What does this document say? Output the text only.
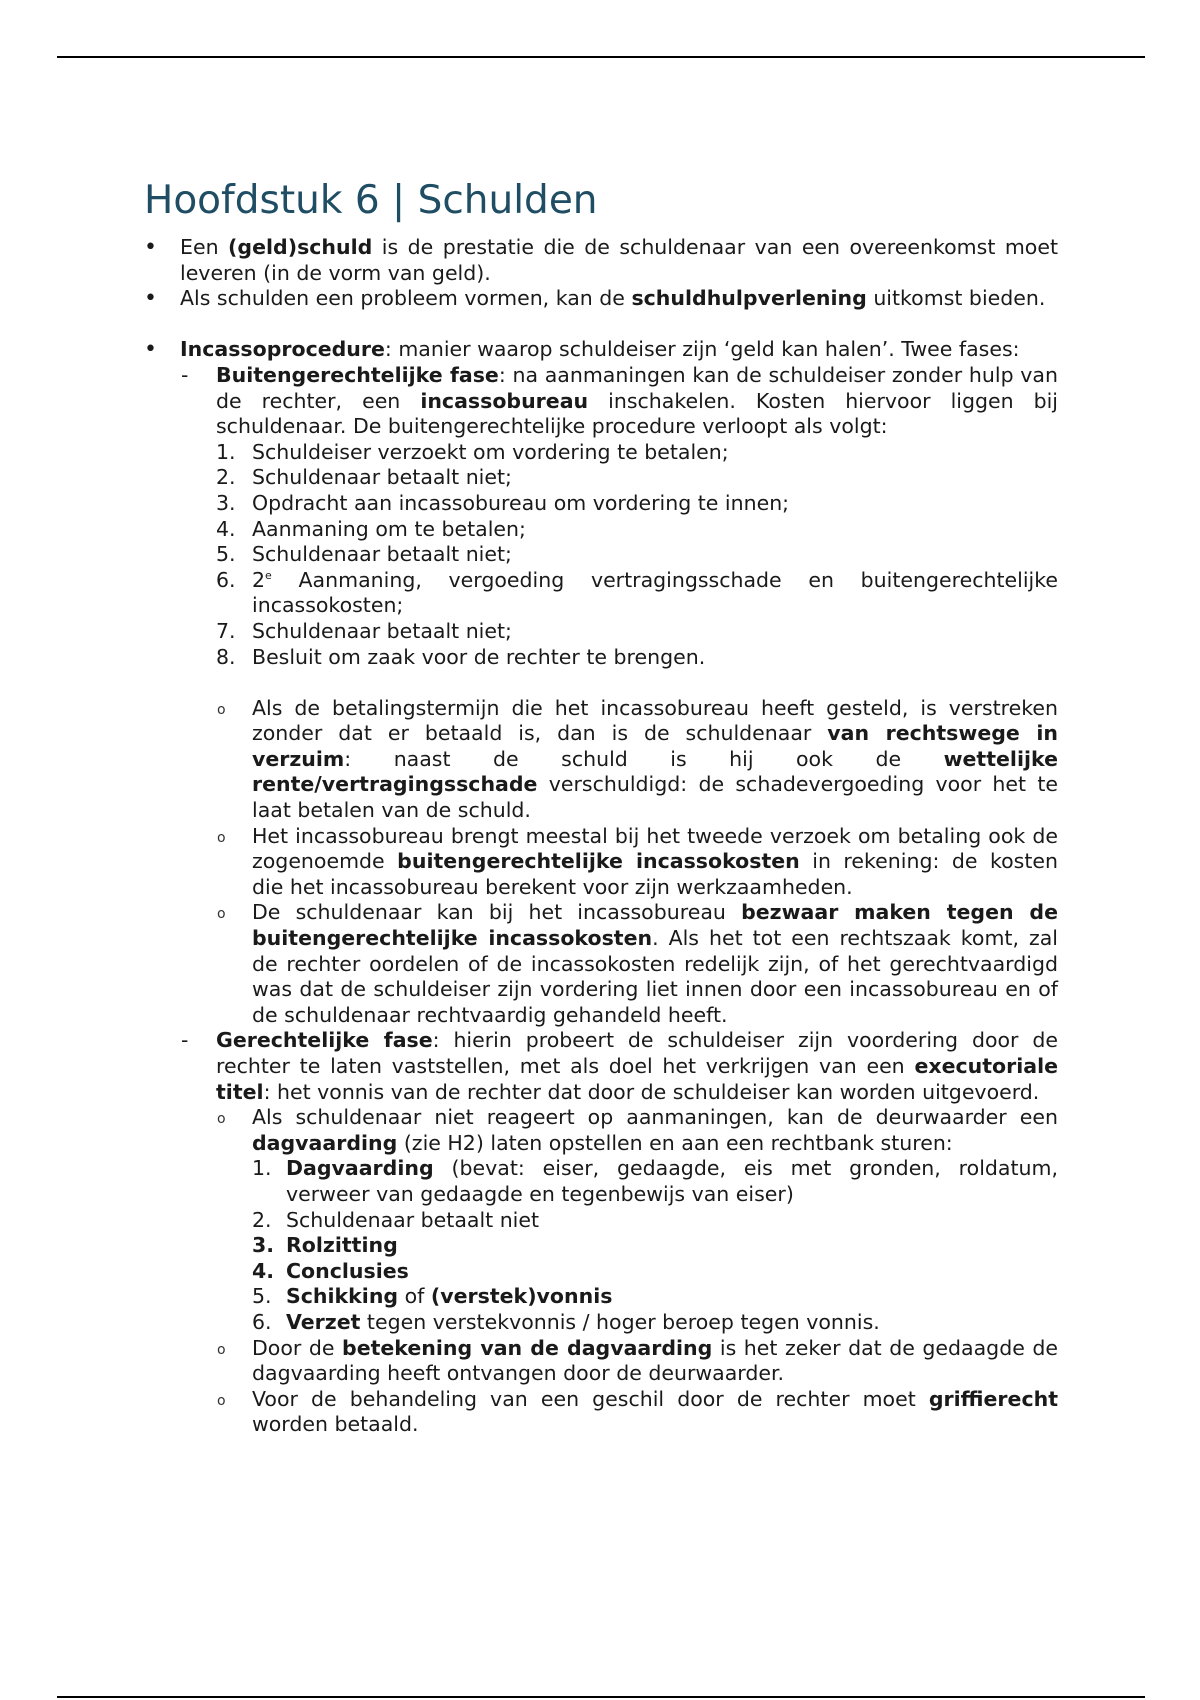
Hoofdstuk 6 | Schulden
• Een (geld)schuld is de prestatie die de schuldenaar van een overeenkomst moet leveren (in de vorm van geld).
• Als schulden een probleem vormen, kan de schuldhulpverlening uitkomst bieden.
• Incassoprocedure: manier waarop schuldeiser zijn ‘geld kan halen’. Twee fases:
- Buitengerechtelijke fase: na aanmaningen kan de schuldeiser zonder hulp van de rechter, een incassobureau inschakelen. Kosten hiervoor liggen bij schuldenaar. De buitengerechtelijke procedure verloopt als volgt:
1. Schuldeiser verzoekt om vordering te betalen;
2. Schuldenaar betaalt niet;
3. Opdracht aan incassobureau om vordering te innen;
4. Aanmaning om te betalen;
5. Schuldenaar betaalt niet;
6. 2e Aanmaning, vergoeding vertragingsschade en buitengerechtelijke incassokosten;
7. Schuldenaar betaalt niet;
8. Besluit om zaak voor de rechter te brengen.
o Als de betalingstermijn die het incassobureau heeft gesteld, is verstreken zonder dat er betaald is, dan is de schuldenaar van rechtswege in verzuim: naast de schuld is hij ook de wettelijke rente/vertragingsschade verschuldigd: de schadevergoeding voor het te laat betalen van de schuld.
o Het incassobureau brengt meestal bij het tweede verzoek om betaling ook de zogenoemde buitengerechtelijke incassokosten in rekening: de kosten die het incassobureau berekent voor zijn werkzaamheden.
o De schuldenaar kan bij het incassobureau bezwaar maken tegen de buitengerechtelijke incassokosten. Als het tot een rechtszaak komt, zal de rechter oordelen of de incassokosten redelijk zijn, of het gerechtvaardigd was dat de schuldeiser zijn vordering liet innen door een incassobureau en of de schuldenaar rechtvaardig gehandeld heeft.
- Gerechtelijke fase: hierin probeert de schuldeiser zijn voordering door de rechter te laten vaststellen, met als doel het verkrijgen van een executoriale titel: het vonnis van de rechter dat door de schuldeiser kan worden uitgevoerd.
o Als schuldenaar niet reageert op aanmaningen, kan de deurwaarder een dagvaarding (zie H2) laten opstellen en aan een rechtbank sturen:
1. Dagvaarding (bevat: eiser, gedaagde, eis met gronden, roldatum, verweer van gedaagde en tegenbewijs van eiser)
2. Schuldenaar betaalt niet
3. Rolzitting
4. Conclusies
5. Schikking of (verstek)vonnis
6. Verzet tegen verstekvonnis / hoger beroep tegen vonnis.
o Door de betekening van de dagvaarding is het zeker dat de gedaagde de dagvaarding heeft ontvangen door de deurwaarder.
o Voor de behandeling van een geschil door de rechter moet griffierecht worden betaald.
